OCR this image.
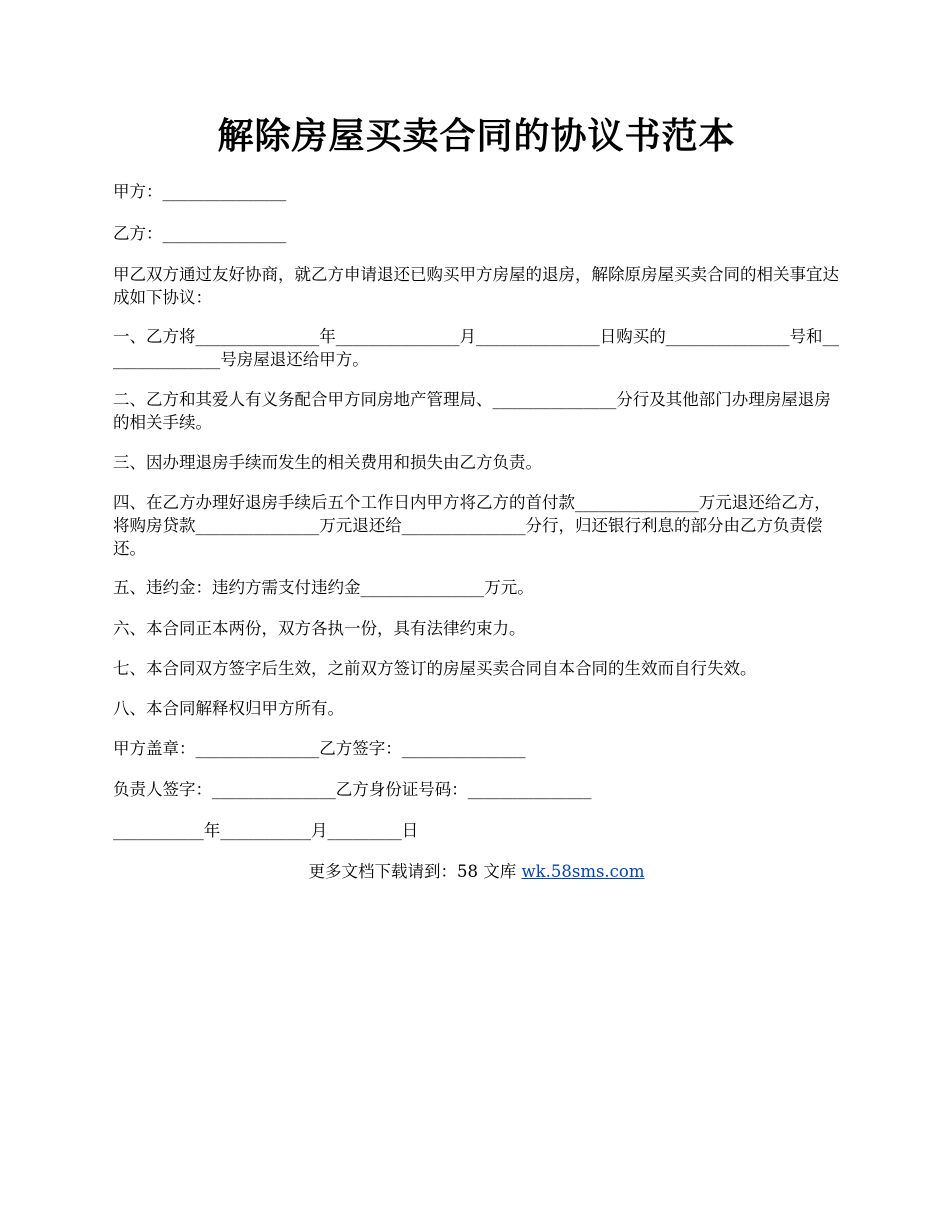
解除房屋买卖合同的协议书范本

甲方：_______________

乙方：_______________

甲乙双方通过友好协商，就乙方申请退还已购买甲方房屋的退房，解除原房屋买卖合同的相关事宜达成如下协议：

一、乙方将_______________年_______________月_______________日购买的_______________号和_______________号房屋退还给甲方。

二、乙方和其爱人有义务配合甲方同房地产管理局、_______________分行及其他部门办理房屋退房的相关手续。

三、因办理退房手续而发生的相关费用和损失由乙方负责。

四、在乙方办理好退房手续后五个工作日内甲方将乙方的首付款_______________万元退还给乙方，将购房贷款_______________万元退还给_______________分行，归还银行利息的部分由乙方负责偿还。

五、违约金：违约方需支付违约金_______________万元。

六、本合同正本两份，双方各执一份，具有法律约束力。

七、本合同双方签字后生效，之前双方签订的房屋买卖合同自本合同的生效而自行失效。

八、本合同解释权归甲方所有。

甲方盖章：_______________乙方签字：_______________

负责人签字：_______________乙方身份证号码：_______________

___________年___________月_________日

更多文档下载请到：58 文库 wk.58sms.com
